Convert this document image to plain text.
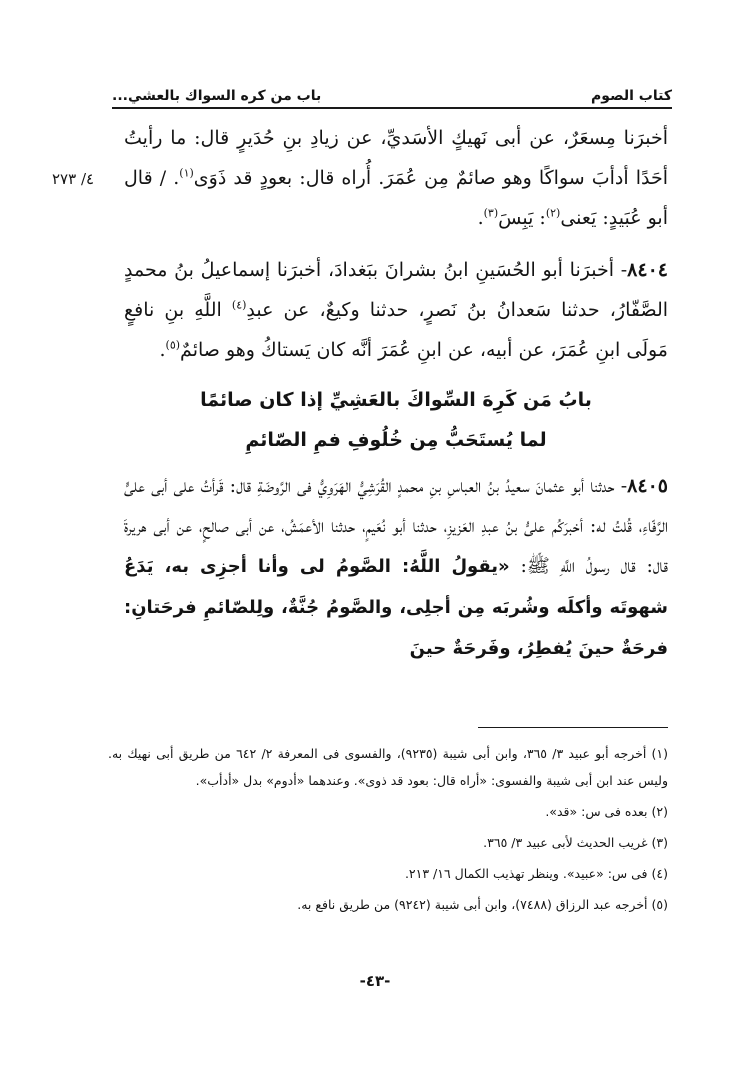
كتاب الصوم
باب من كره السواك بالعشي...
٤/ ٢٧٣

أخبرَنا مِسعَرٌ، عن أبى نَهيكٍ الأسَديِّ، عن زيادِ بنِ حُدَيرٍ قال: ما رأيتُ أحَدًا أدأبَ سواكًا وهو صائمٌ مِن عُمَرَ. أُراه قال: بعودٍ قد ذَوَى$^{(١)}$. / قال أبو عُبَيدٍ: يَعنى$^{(٢)}$: يَبِسَ$^{(٣)}$.

٨٤٠٤- أخبرَنا أبو الحُسَينِ ابنُ بشرانَ ببَغدادَ، أخبرَنا إسماعيلُ بنُ محمدٍ الصَّفّارُ، حدثنا سَعدانُ بنُ نَصرٍ، حدثنا وكيعٌ، عن عبدِ$^{(٤)}$ اللَّهِ بنِ نافعٍ مَولَى ابنِ عُمَرَ، عن أبيه، عن ابنِ عُمَرَ أنَّه كان يَستاكُ وهو صائمٌ$^{(٥)}$.

بابُ مَن كَرِهَ السِّواكَ بالعَشِيِّ إذا كان صائمًا
لما يُستَحَبُّ مِن خُلُوفِ فمِ الصّائمِ

٨٤٠٥- حدثنا أبو عثمانَ سعيدُ بنُ العباسِ بنِ محمدٍ القُرَشِيُّ الهَرَوِيُّ فى الرَّوضَةِ قال: قَرأتُ على أبى علىٍّ الرَّفّاءِ، قُلتُ له: أخبرَكُم علىُّ بنُ عبدِ العَزيزِ، حدثنا أبو نُعَيمٍ، حدثنا الأعمَشُ، عن أبى صالحٍ، عن أبى هريرةَ قال: قال رسولُ اللَّهِ ﷺ: «يقولُ اللَّهُ: الصَّومُ لى وأنا أجزِى به، يَدَعُ شهوتَه وأكلَه وشُربَه مِن أجلِى، والصَّومُ جُنَّةٌ، ولِلصّائمِ فرحَتانِ: فرحَةٌ حينَ يُفطِرُ، وفَرحَةٌ حينَ

(١) أخرجه أبو عبيد ٣/ ٣٦٥، وابن أبى شيبة (٩٢٣٥)، والفسوى فى المعرفة ٢/ ٦٤٢ من طريق أبى نهيك به. وليس عند ابن أبى شيبة والفسوى: «أراه قال: بعود قد ذوى». وعندهما «أدوم» بدل «أدأب».

(٢) بعده فى س: «قد».

(٣) غريب الحديث لأبى عبيد ٣/ ٣٦٥.

(٤) فى س: «عبيد». وينظر تهذيب الكمال ١٦/ ٢١٣.

(٥) أخرجه عبد الرزاق (٧٤٨٨)، وابن أبى شيبة (٩٢٤٢) من طريق نافع به.

-٤٣-
